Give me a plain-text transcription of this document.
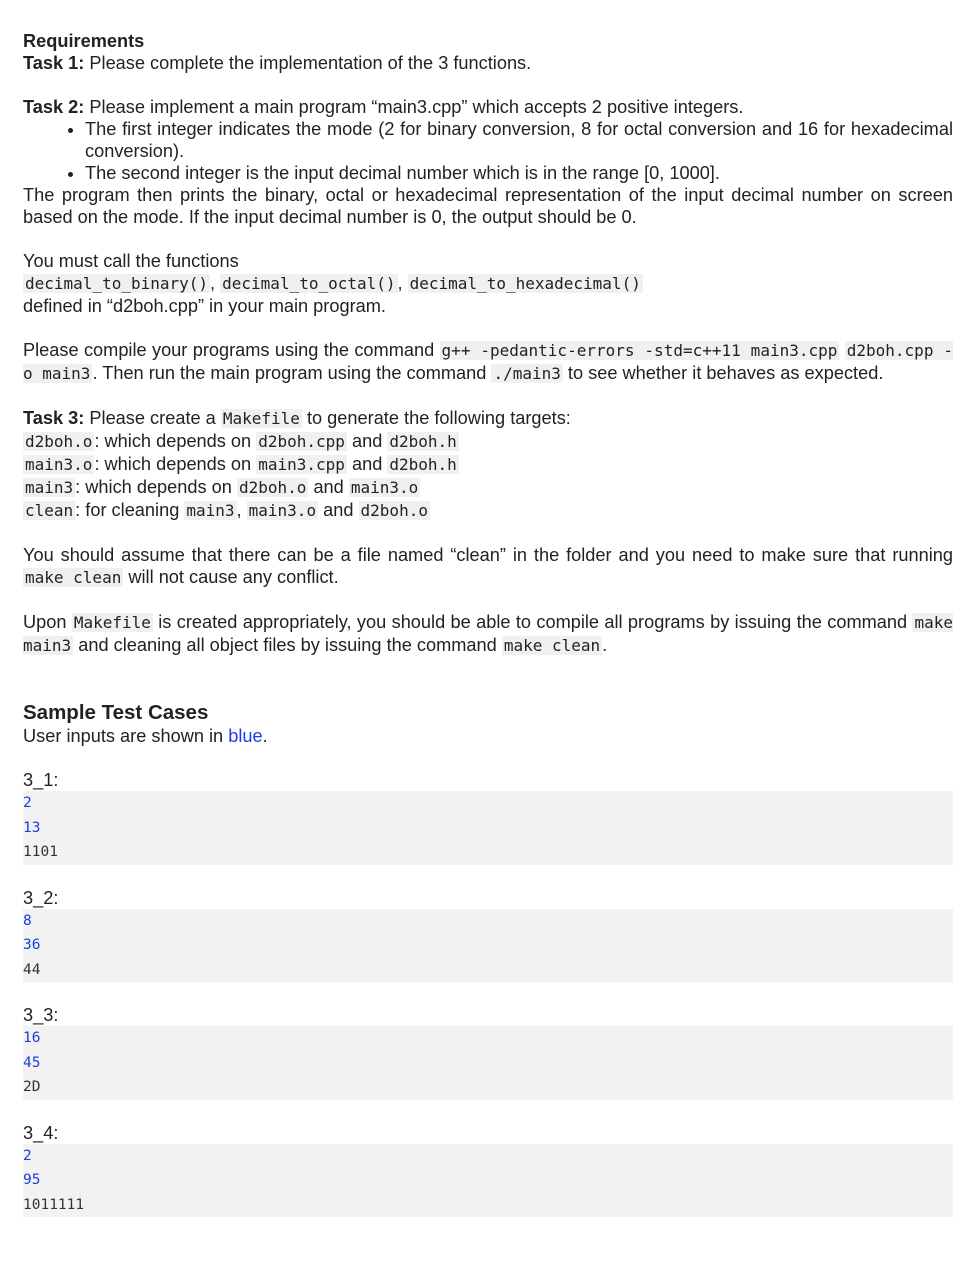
Requirements
Task 1: Please complete the implementation of the 3 functions.
Task 2: Please implement a main program “main3.cpp” which accepts 2 positive integers.
• The first integer indicates the mode (2 for binary conversion, 8 for octal conversion and 16 for hexadecimal conversion).
• The second integer is the input decimal number which is in the range [0, 1000].
The program then prints the binary, octal or hexadecimal representation of the input decimal number on screen based on the mode. If the input decimal number is 0, the output should be 0.
You must call the functions
decimal_to_binary() , decimal_to_octal() , decimal_to_hexadecimal()
defined in “d2boh.cpp” in your main program.
Please compile your programs using the command g++ -pedantic-errors -std=c++11 main3.cpp d2boh.cpp -o main3 . Then run the main program using the command ./main3 to see whether it behaves as expected.
Task 3: Please create a Makefile to generate the following targets:
d2boh.o : which depends on d2boh.cpp and d2boh.h
main3.o : which depends on main3.cpp and d2boh.h
main3 : which depends on d2boh.o and main3.o
clean : for cleaning main3 , main3.o and d2boh.o
You should assume that there can be a file named “clean” in the folder and you need to make sure that running make clean will not cause any conflict.
Upon Makefile is created appropriately, you should be able to compile all programs by issuing the command make main3 and cleaning all object files by issuing the command make clean .
Sample Test Cases
User inputs are shown in blue.
3_1:
2
13
1101
3_2:
8
36
44
3_3:
16
45
2D
3_4:
2
95
1011111
